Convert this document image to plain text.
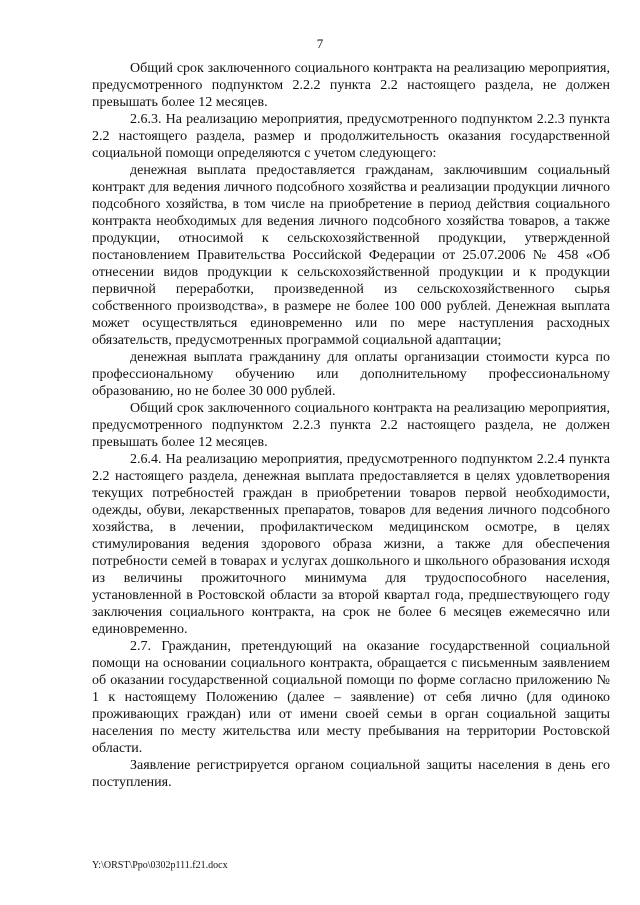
7

Общий срок заключенного социального контракта на реализацию мероприятия, предусмотренного подпунктом 2.2.2 пункта 2.2 настоящего раздела, не должен превышать более 12 месяцев.

2.6.3. На реализацию мероприятия, предусмотренного подпунктом 2.2.3 пункта 2.2 настоящего раздела, размер и продолжительность оказания государственной социальной помощи определяются с учетом следующего:

денежная выплата предоставляется гражданам, заключившим социальный контракт для ведения личного подсобного хозяйства и реализации продукции личного подсобного хозяйства, в том числе на приобретение в период действия социального контракта необходимых для ведения личного подсобного хозяйства товаров, а также продукции, относимой к сельскохозяйственной продукции, утвержденной постановлением Правительства Российской Федерации от 25.07.2006 № 458 «Об отнесении видов продукции к сельскохозяйственной продукции и к продукции первичной переработки, произведенной из сельскохозяйственного сырья собственного производства», в размере не более 100 000 рублей. Денежная выплата может осуществляться единовременно или по мере наступления расходных обязательств, предусмотренных программой социальной адаптации;

денежная выплата гражданину для оплаты организации стоимости курса по профессиональному обучению или дополнительному профессиональному образованию, но не более 30 000 рублей.

Общий срок заключенного социального контракта на реализацию мероприятия, предусмотренного подпунктом 2.2.3 пункта 2.2 настоящего раздела, не должен превышать более 12 месяцев.

2.6.4. На реализацию мероприятия, предусмотренного подпунктом 2.2.4 пункта 2.2 настоящего раздела, денежная выплата предоставляется в целях удовлетворения текущих потребностей граждан в приобретении товаров первой необходимости, одежды, обуви, лекарственных препаратов, товаров для ведения личного подсобного хозяйства, в лечении, профилактическом медицинском осмотре, в целях стимулирования ведения здорового образа жизни, а также для обеспечения потребности семей в товарах и услугах дошкольного и школьного образования исходя из величины прожиточного минимума для трудоспособного населения, установленной в Ростовской области за второй квартал года, предшествующего году заключения социального контракта, на срок не более 6 месяцев ежемесячно или единовременно.

2.7. Гражданин, претендующий на оказание государственной социальной помощи на основании социального контракта, обращается с письменным заявлением об оказании государственной социальной помощи по форме согласно приложению № 1 к настоящему Положению (далее – заявление) от себя лично (для одиноко проживающих граждан) или от имени своей семьи в орган социальной защиты населения по месту жительства или месту пребывания на территории Ростовской области.

Заявление регистрируется органом социальной защиты населения в день его поступления.

Y:\ORST\Ppo\0302p111.f21.docx
